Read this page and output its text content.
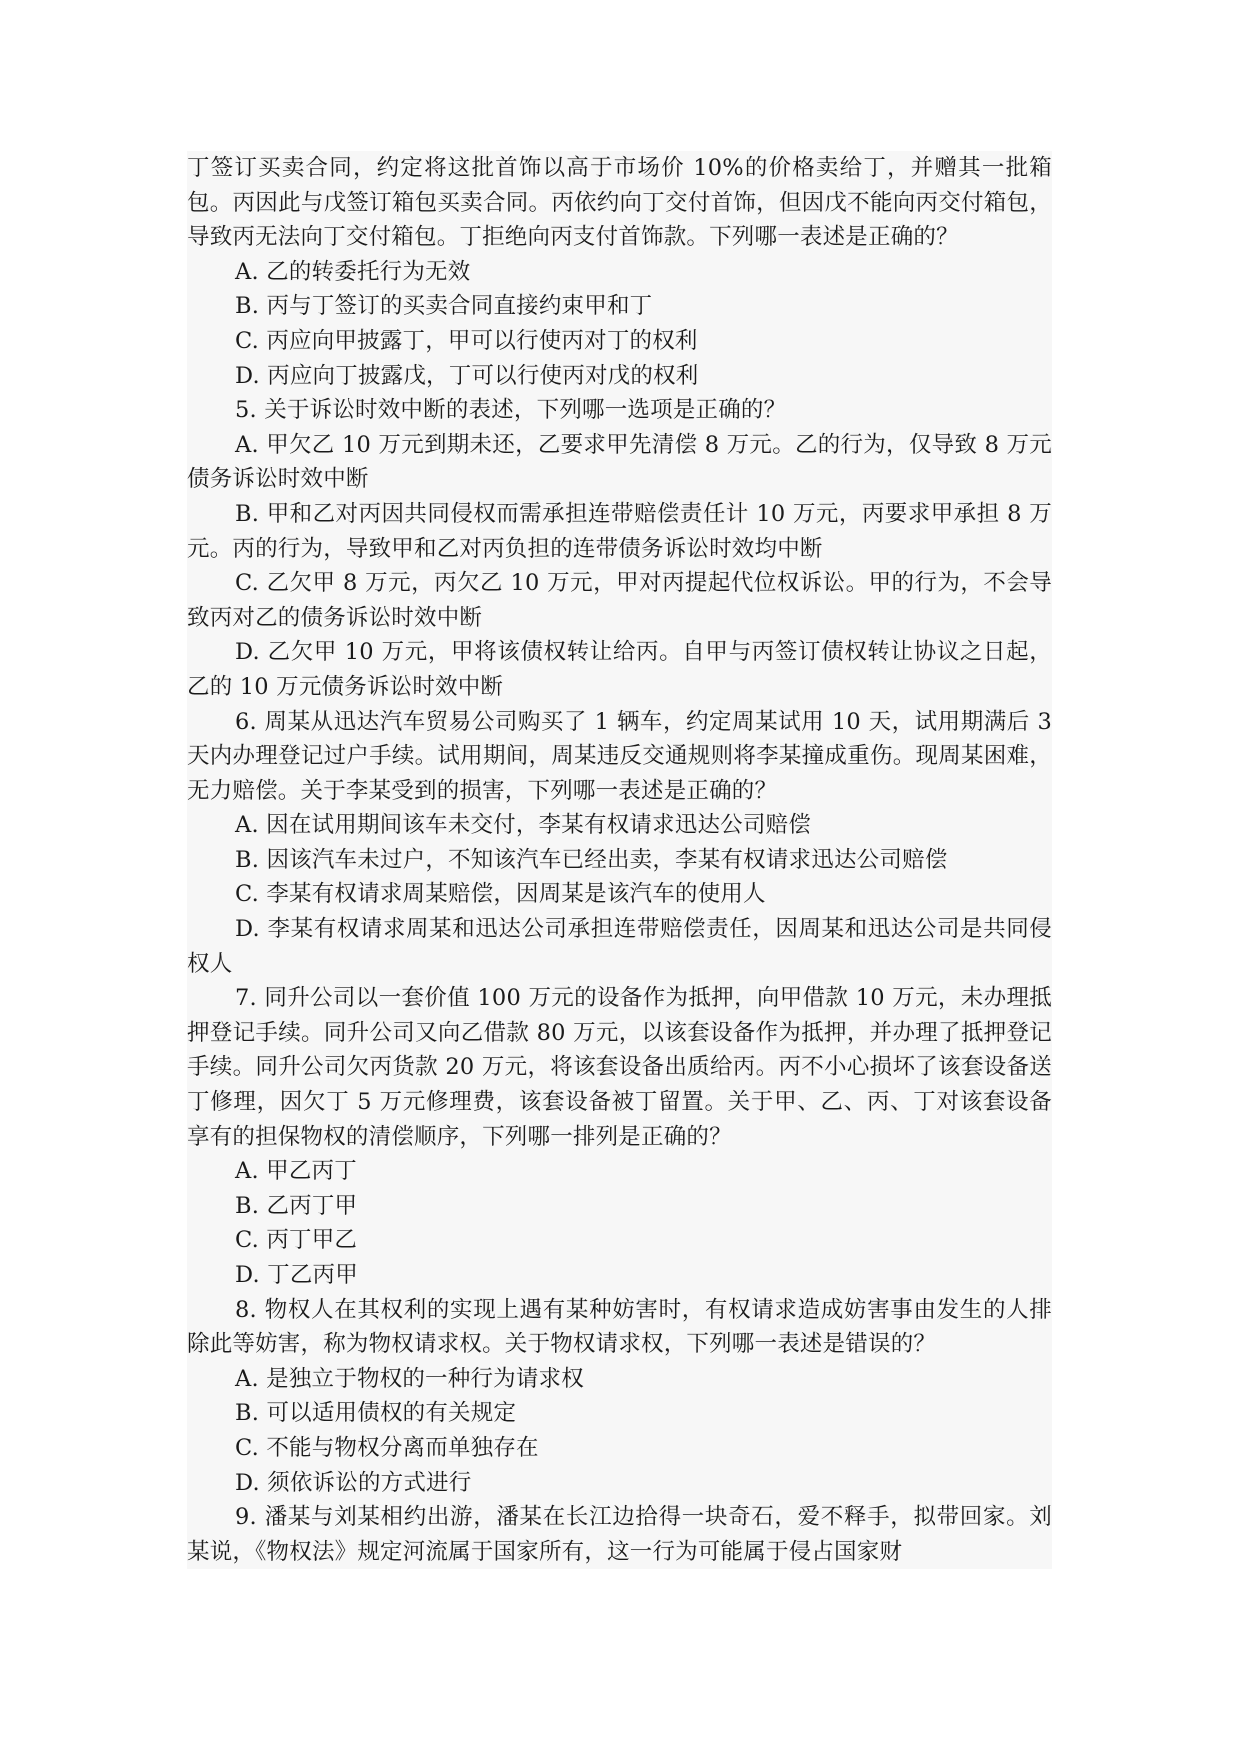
丁签订买卖合同，约定将这批首饰以高于市场价 10%的价格卖给丁，并赠其一批箱包。丙因此与戊签订箱包买卖合同。丙依约向丁交付首饰，但因戊不能向丙交付箱包，导致丙无法向丁交付箱包。丁拒绝向丙支付首饰款。下列哪一表述是正确的？

A. 乙的转委托行为无效

B. 丙与丁签订的买卖合同直接约束甲和丁

C. 丙应向甲披露丁，甲可以行使丙对丁的权利

D. 丙应向丁披露戊，丁可以行使丙对戊的权利

5. 关于诉讼时效中断的表述，下列哪一选项是正确的？

A. 甲欠乙 10 万元到期未还，乙要求甲先清偿 8 万元。乙的行为，仅导致 8 万元债务诉讼时效中断

B. 甲和乙对丙因共同侵权而需承担连带赔偿责任计 10 万元，丙要求甲承担 8 万元。丙的行为，导致甲和乙对丙负担的连带债务诉讼时效均中断

C. 乙欠甲 8 万元，丙欠乙 10 万元，甲对丙提起代位权诉讼。甲的行为，不会导致丙对乙的债务诉讼时效中断

D. 乙欠甲 10 万元，甲将该债权转让给丙。自甲与丙签订债权转让协议之日起，乙的 10 万元债务诉讼时效中断

6. 周某从迅达汽车贸易公司购买了 1 辆车，约定周某试用 10 天，试用期满后 3 天内办理登记过户手续。试用期间，周某违反交通规则将李某撞成重伤。现周某困难，无力赔偿。关于李某受到的损害，下列哪一表述是正确的？

A. 因在试用期间该车未交付，李某有权请求迅达公司赔偿

B. 因该汽车未过户，不知该汽车已经出卖，李某有权请求迅达公司赔偿

C. 李某有权请求周某赔偿，因周某是该汽车的使用人

D. 李某有权请求周某和迅达公司承担连带赔偿责任，因周某和迅达公司是共同侵权人

7. 同升公司以一套价值 100 万元的设备作为抵押，向甲借款 10 万元，未办理抵押登记手续。同升公司又向乙借款 80 万元，以该套设备作为抵押，并办理了抵押登记手续。同升公司欠丙货款 20 万元，将该套设备出质给丙。丙不小心损坏了该套设备送丁修理，因欠丁 5 万元修理费，该套设备被丁留置。关于甲、乙、丙、丁对该套设备享有的担保物权的清偿顺序，下列哪一排列是正确的？

A. 甲乙丙丁

B. 乙丙丁甲

C. 丙丁甲乙

D. 丁乙丙甲

8. 物权人在其权利的实现上遇有某种妨害时，有权请求造成妨害事由发生的人排除此等妨害，称为物权请求权。关于物权请求权，下列哪一表述是错误的？

A. 是独立于物权的一种行为请求权

B. 可以适用债权的有关规定

C. 不能与物权分离而单独存在

D. 须依诉讼的方式进行

9. 潘某与刘某相约出游，潘某在长江边拾得一块奇石，爱不释手，拟带回家。刘某说，《物权法》规定河流属于国家所有，这一行为可能属于侵占国家财
